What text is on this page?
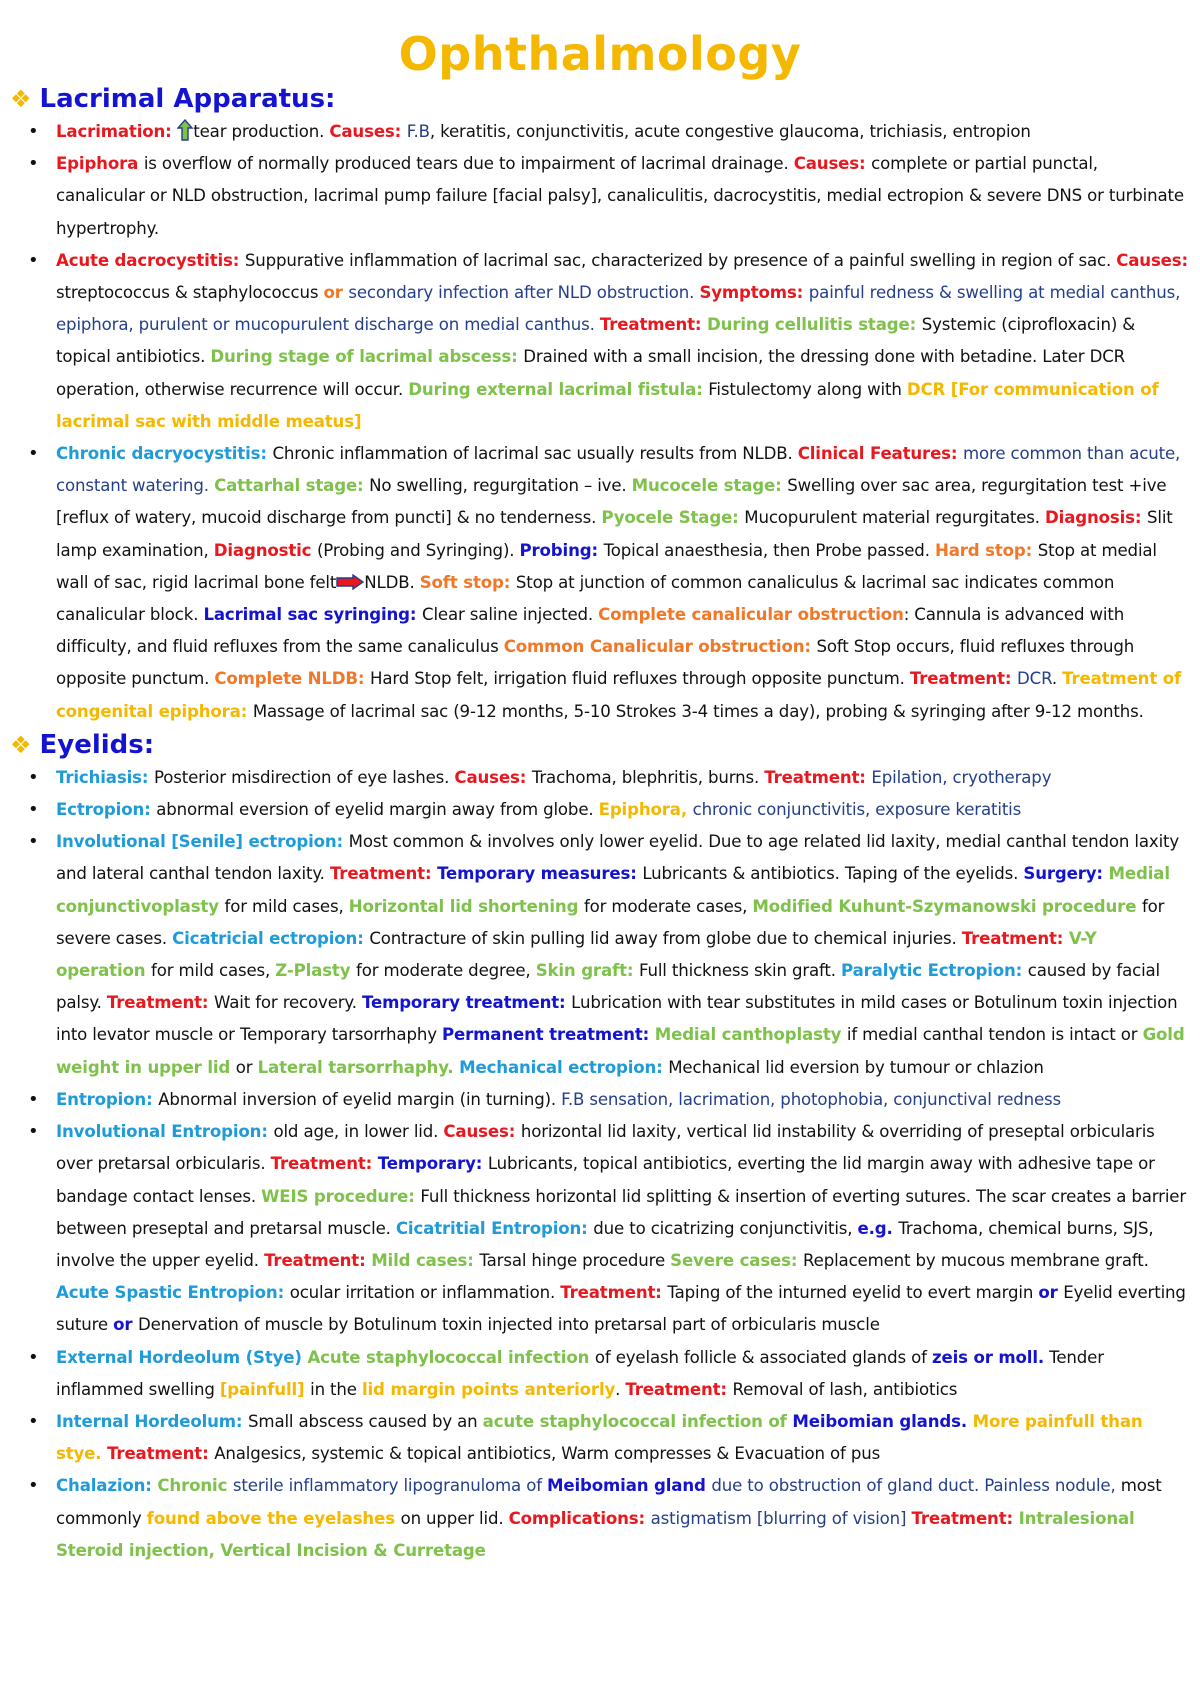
Ophthalmology
❖ Lacrimal Apparatus:
• Lacrimation: tear production. Causes: F.B, keratitis, conjunctivitis, acute congestive glaucoma, trichiasis, entropion
• Epiphora is overflow of normally produced tears due to impairment of lacrimal drainage. Causes: complete or partial punctal, canalicular or NLD obstruction, lacrimal pump failure [facial palsy], canaliculitis, dacrocystitis, medial ectropion & severe DNS or turbinate hypertrophy.
• Acute dacrocystitis: Suppurative inflammation of lacrimal sac, characterized by presence of a painful swelling in region of sac. Causes: streptococcus & staphylococcus or secondary infection after NLD obstruction. Symptoms: painful redness & swelling at medial canthus, epiphora, purulent or mucopurulent discharge on medial canthus. Treatment: During cellulitis stage: Systemic (ciprofloxacin) & topical antibiotics. During stage of lacrimal abscess: Drained with a small incision, the dressing done with betadine. Later DCR operation, otherwise recurrence will occur. During external lacrimal fistula: Fistulectomy along with DCR [For communication of lacrimal sac with middle meatus]
• Chronic dacryocystitis: Chronic inflammation of lacrimal sac usually results from NLDB. Clinical Features: more common than acute, constant watering. Cattarhal stage: No swelling, regurgitation – ive. Mucocele stage: Swelling over sac area, regurgitation test +ive [reflux of watery, mucoid discharge from puncti] & no tenderness. Pyocele Stage: Mucopurulent material regurgitates. Diagnosis: Slit lamp examination, Diagnostic (Probing and Syringing). Probing: Topical anaesthesia, then Probe passed. Hard stop: Stop at medial wall of sac, rigid lacrimal bone felt NLDB. Soft stop: Stop at junction of common canaliculus & lacrimal sac indicates common canalicular block. Lacrimal sac syringing: Clear saline injected. Complete canalicular obstruction: Cannula is advanced with difficulty, and fluid refluxes from the same canaliculus Common Canalicular obstruction: Soft Stop occurs, fluid refluxes through opposite punctum. Complete NLDB: Hard Stop felt, irrigation fluid refluxes through opposite punctum. Treatment: DCR. Treatment of congenital epiphora: Massage of lacrimal sac (9-12 months, 5-10 Strokes 3-4 times a day), probing & syringing after 9-12 months.
❖ Eyelids:
• Trichiasis: Posterior misdirection of eye lashes. Causes: Trachoma, blephritis, burns. Treatment: Epilation, cryotherapy
• Ectropion: abnormal eversion of eyelid margin away from globe. Epiphora, chronic conjunctivitis, exposure keratitis
• Involutional [Senile] ectropion: Most common & involves only lower eyelid. Due to age related lid laxity, medial canthal tendon laxity and lateral canthal tendon laxity. Treatment: Temporary measures: Lubricants & antibiotics. Taping of the eyelids. Surgery: Medial conjunctivoplasty for mild cases, Horizontal lid shortening for moderate cases, Modified Kuhunt-Szymanowski procedure for severe cases. Cicatricial ectropion: Contracture of skin pulling lid away from globe due to chemical injuries. Treatment: V-Y operation for mild cases, Z-Plasty for moderate degree, Skin graft: Full thickness skin graft. Paralytic Ectropion: caused by facial palsy. Treatment: Wait for recovery. Temporary treatment: Lubrication with tear substitutes in mild cases or Botulinum toxin injection into levator muscle or Temporary tarsorrhaphy Permanent treatment: Medial canthoplasty if medial canthal tendon is intact or Gold weight in upper lid or Lateral tarsorrhaphy. Mechanical ectropion: Mechanical lid eversion by tumour or chlazion
• Entropion: Abnormal inversion of eyelid margin (in turning). F.B sensation, lacrimation, photophobia, conjunctival redness
• Involutional Entropion: old age, in lower lid. Causes: horizontal lid laxity, vertical lid instability & overriding of preseptal orbicularis over pretarsal orbicularis. Treatment: Temporary: Lubricants, topical antibiotics, everting the lid margin away with adhesive tape or bandage contact lenses. WEIS procedure: Full thickness horizontal lid splitting & insertion of everting sutures. The scar creates a barrier between preseptal and pretarsal muscle. Cicatritial Entropion: due to cicatrizing conjunctivitis, e.g. Trachoma, chemical burns, SJS, involve the upper eyelid. Treatment: Mild cases: Tarsal hinge procedure Severe cases: Replacement by mucous membrane graft. Acute Spastic Entropion: ocular irritation or inflammation. Treatment: Taping of the inturned eyelid to evert margin or Eyelid everting suture or Denervation of muscle by Botulinum toxin injected into pretarsal part of orbicularis muscle
• External Hordeolum (Stye) Acute staphylococcal infection of eyelash follicle & associated glands of zeis or moll. Tender inflammed swelling [painfull] in the lid margin points anteriorly. Treatment: Removal of lash, antibiotics
• Internal Hordeolum: Small abscess caused by an acute staphylococcal infection of Meibomian glands. More painfull than stye. Treatment: Analgesics, systemic & topical antibiotics, Warm compresses & Evacuation of pus
• Chalazion: Chronic sterile inflammatory lipogranuloma of Meibomian gland due to obstruction of gland duct. Painless nodule, most commonly found above the eyelashes on upper lid. Complications: astigmatism [blurring of vision] Treatment: Intralesional Steroid injection, Vertical Incision & Curretage
